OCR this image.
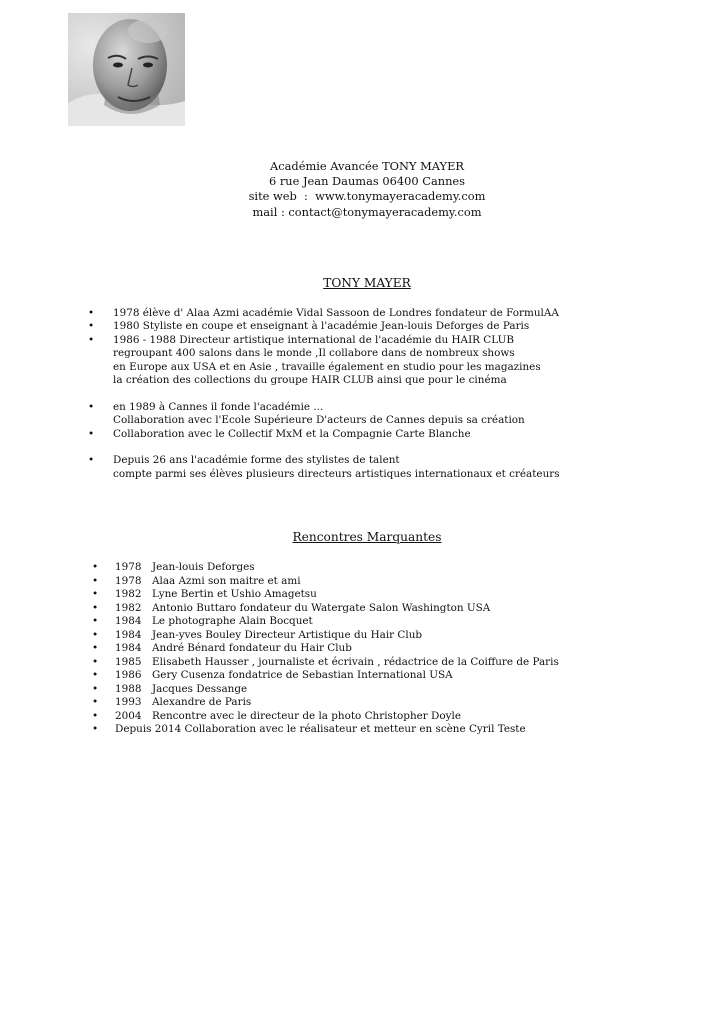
Académie Avancée TONY MAYER
6 rue Jean Daumas 06400 Cannes
site web  :  www.tonymayeracademy.com
mail : contact@tonymayeracademy.com
TONY MAYER
•	1978 élève d' Alaa Azmi académie Vidal Sassoon de Londres fondateur de FormulAA
•	1980 Styliste en coupe et enseignant à l'académie Jean-louis Deforges de Paris
•	1986 - 1988 Directeur artistique international de l'académie du HAIR CLUB
regroupant 400 salons dans le monde ,Il collabore dans de nombreux shows
en Europe aux USA et en Asie , travaille également en studio pour les magazines
la création des collections du groupe HAIR CLUB ainsi que pour le cinéma
•	en 1989 à Cannes il fonde l'académie ...
Collaboration avec l'Ecole Supérieure D'acteurs de Cannes depuis sa création
•	Collaboration avec le Collectif MxM et la Compagnie Carte Blanche
•	Depuis 26 ans l'académie forme des stylistes de talent
compte parmi ses élèves plusieurs directeurs artistiques internationaux et créateurs
Rencontres Marquantes
• 1978 Jean-louis Deforges
• 1978 Alaa Azmi son maitre et ami
• 1982 Lyne Bertin et Ushio Amagetsu
• 1982 Antonio Buttaro fondateur du Watergate Salon Washington USA
• 1984 Le photographe Alain Bocquet
• 1984 Jean-yves Bouley Directeur Artistique du Hair Club
• 1984 André Bénard fondateur du Hair Club
• 1985 Elisabeth Hausser , journaliste et écrivain , rédactrice de la Coiffure de Paris
• 1986 Gery Cusenza fondatrice de Sebastian International USA
• 1988 Jacques Dessange
• 1993 Alexandre de Paris
• 2004 Rencontre avec le directeur de la photo Christopher Doyle
• Depuis 2014 Collaboration avec le réalisateur et metteur en scène Cyril Teste
